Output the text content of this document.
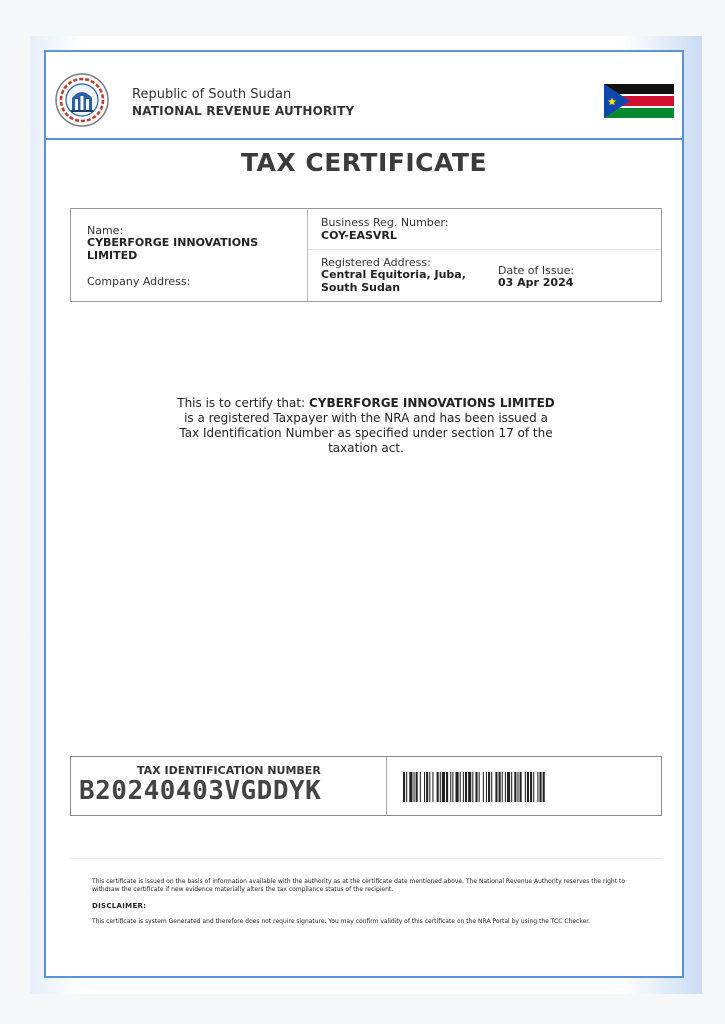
Republic of South Sudan
NATIONAL REVENUE AUTHORITY
TAX CERTIFICATE
Name:
CYBERFORGE INNOVATIONS LIMITED
Company Address:
Business Reg. Number:
COY-EASVRL
Registered Address:
Central Equitoria, Juba, South Sudan
Date of Issue:
03 Apr 2024
This is to certify that: CYBERFORGE INNOVATIONS LIMITED is a registered Taxpayer with the NRA and has been issued a Tax Identification Number as specified under section 17 of the taxation act.
TAX IDENTIFICATION NUMBER
B20240403VGDDYK
This certificate is issued on the basis of information available with the authority as at the certificate date mentioned above. The National Revenue Authority reserves the right to withdraw the certificate if new evidence materially alters the tax compliance status of the recipient.
DISCLAIMER:
This certificate is system Generated and therefore does not require signature. You may confirm validity of this certificate on the NRA Portal by using the TCC Checker.
